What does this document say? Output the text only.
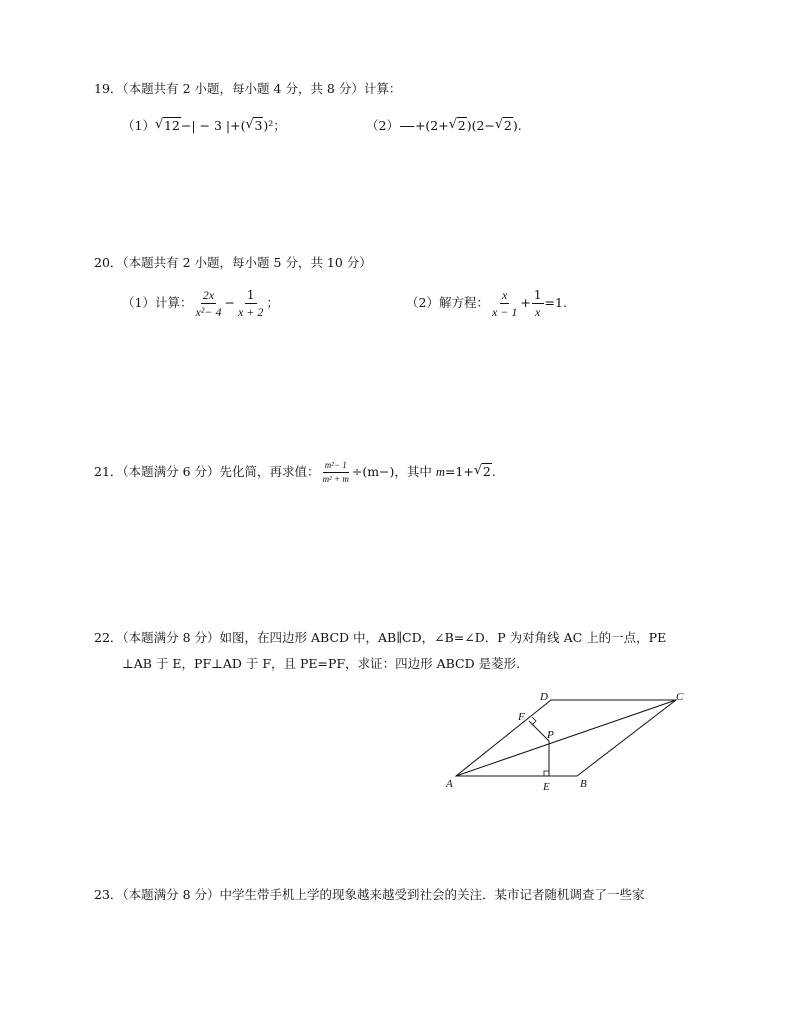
19．（本题共有 2 小题，每小题 4 分，共 8 分）计算：
（1） √ 12−| − 3 |+( √ 3)²；	（2） +(2+ √ 2)(2− √ 2).
20．（本题共有 2 小题，每小题 5 分，共 10 分）
（1）计算： $\frac{2x}{\text{x²− 4}} - \frac{1}{x + 2}$ ；	（2）解方程： $\frac{x}{x - 1} + \frac{1}{x} =1$.
21．（本题满分 6 分）先化简，再求值： $\frac{\text{m²− 1}}{\text{m² + m}} \div(m-)$，其中 m=1+ √ 2.
22．（本题满分 8 分）如图，在四边形 ABCD 中，AB∥CD，∠B=∠D．P 为对角线 AC 上的一点，PE
⊥AB 于 E，PF⊥AD 于 F，且 PE=PF，求证：四边形 ABCD 是菱形．
A	B
C
D
E
F
P
23．（本题满分 8 分）中学生带手机上学的现象越来越受到社会的关注．某市记者随机调查了一些家
